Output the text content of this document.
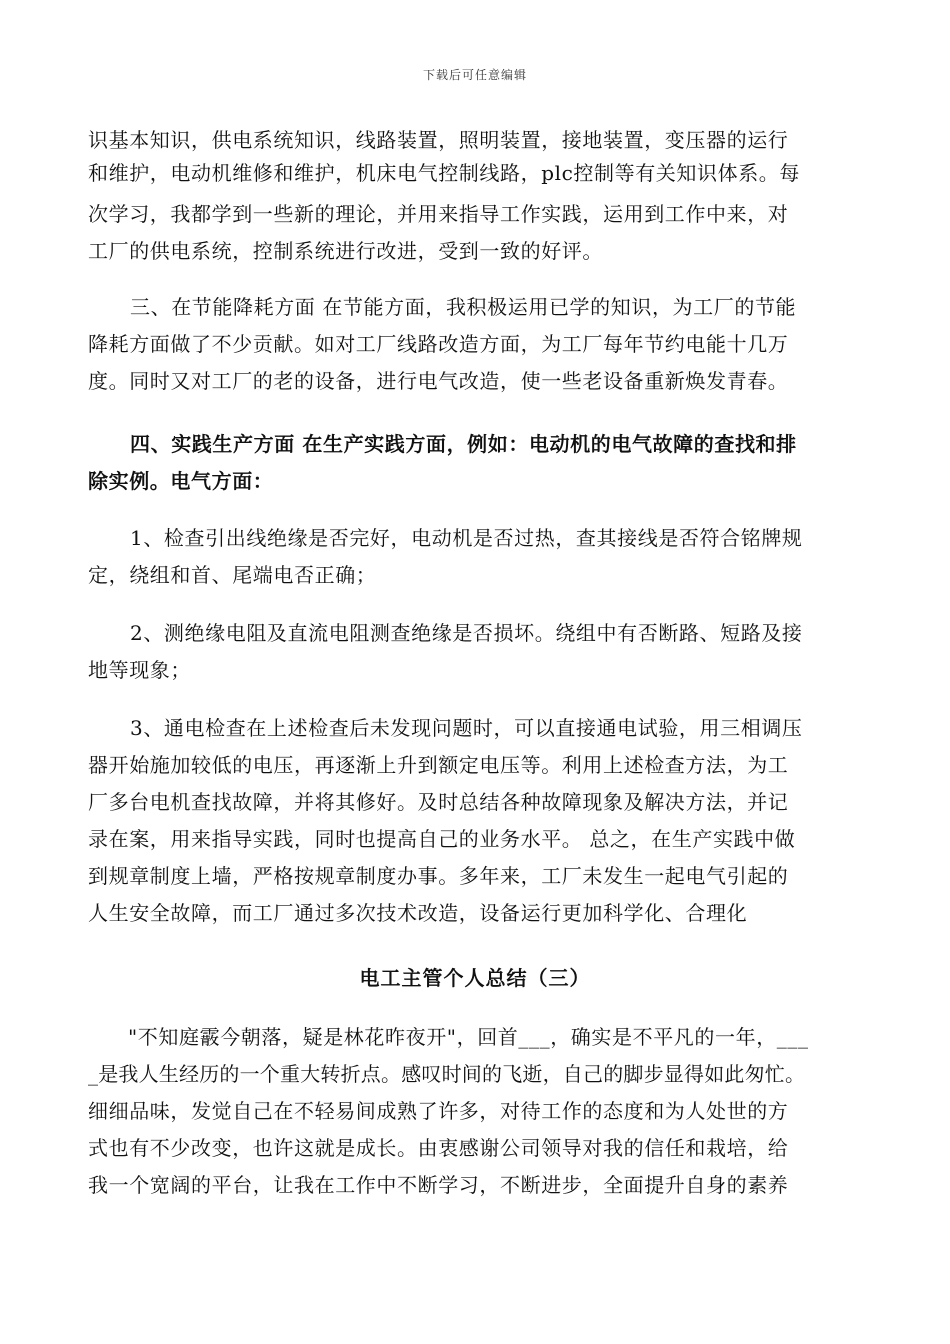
下载后可任意编辑
识基本知识，供电系统知识，线路装置，照明装置，接地装置，变压器的运行
和维护，电动机维修和维护，机床电气控制线路，plc控制等有关知识体系。每
次学习，我都学到一些新的理论，并用来指导工作实践，运用到工作中来，对
工厂的供电系统，控制系统进行改进，受到一致的好评。
三、在节能降耗方面 在节能方面，我积极运用已学的知识，为工厂的节能
降耗方面做了不少贡献。如对工厂线路改造方面，为工厂每年节约电能十几万
度。同时又对工厂的老的设备，进行电气改造，使一些老设备重新焕发青春。
四、实践生产方面 在生产实践方面，例如：电动机的电气故障的查找和排
除实例。电气方面：
1、检查引出线绝缘是否完好，电动机是否过热，查其接线是否符合铭牌规
定，绕组和首、尾端电否正确；
2、测绝缘电阻及直流电阻测查绝缘是否损坏。绕组中有否断路、短路及接
地等现象；
3、通电检查在上述检查后未发现问题时，可以直接通电试验，用三相调压
器开始施加较低的电压，再逐渐上升到额定电压等。利用上述检查方法，为工
厂多台电机查找故障，并将其修好。及时总结各种故障现象及解决方法，并记
录在案，用来指导实践，同时也提高自己的业务水平。 总之，在生产实践中做
到规章制度上墙，严格按规章制度办事。多年来，工厂未发生一起电气引起的
人生安全故障，而工厂通过多次技术改造，设备运行更加科学化、合理化
电工主管个人总结（三）
"不知庭霰今朝落，疑是林花昨夜开"，回首___，确实是不平凡的一年，___
_是我人生经历的一个重大转折点。感叹时间的飞逝，自己的脚步显得如此匆忙。
细细品味，发觉自己在不轻易间成熟了许多，对待工作的态度和为人处世的方
式也有不少改变，也许这就是成长。由衷感谢公司领导对我的信任和栽培，给
我一个宽阔的平台，让我在工作中不断学习，不断进步，全面提升自身的素养
